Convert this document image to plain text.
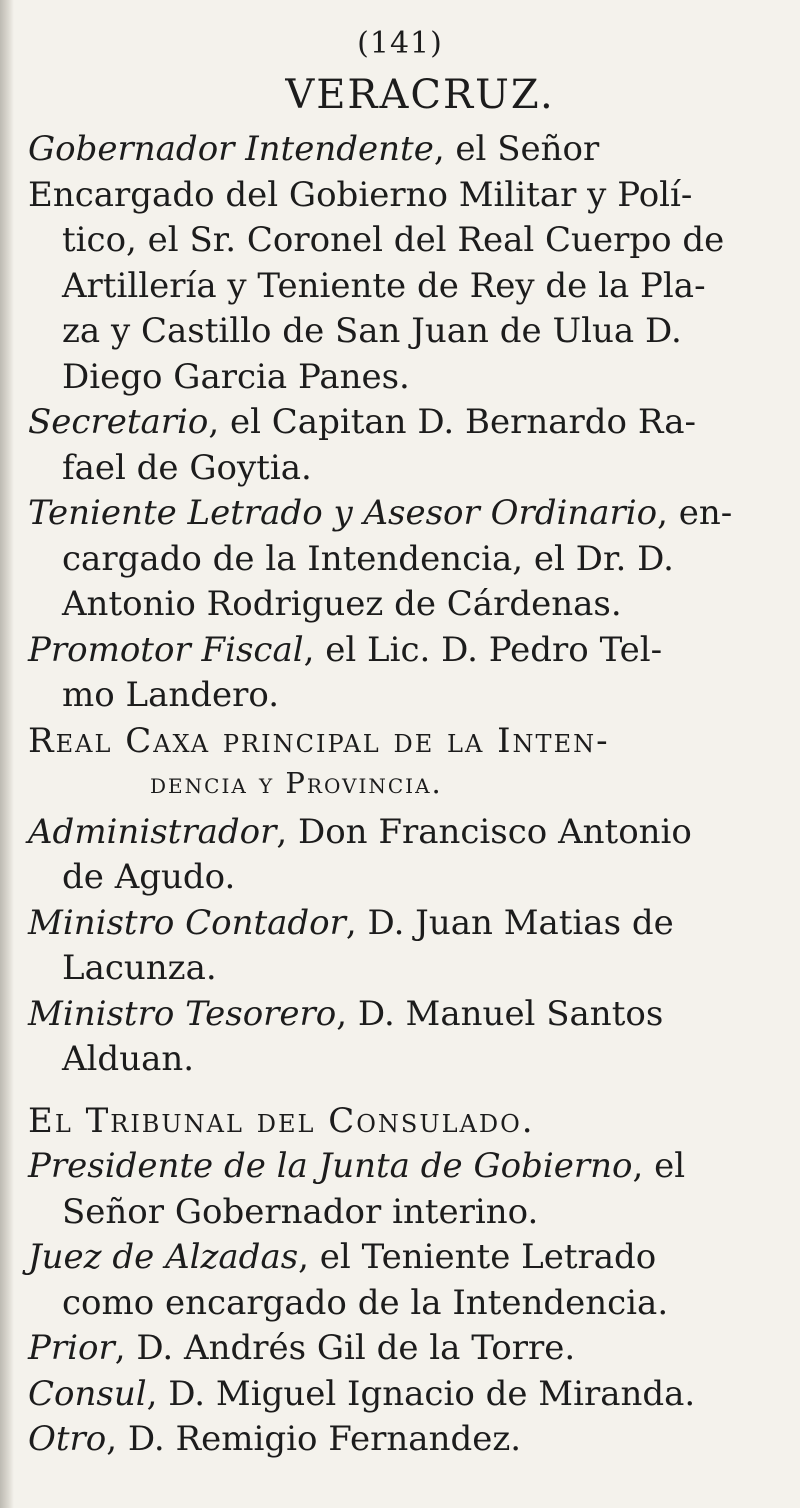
(141)
VERACRUZ.
Gobernador Intendente, el Señor
Encargado del Gobierno Militar y Polí-
tico, el Sr. Coronel del Real Cuerpo de
Artillería y Teniente de Rey de la Pla-
za y Castillo de San Juan de Ulua D.
Diego Garcia Panes.
Secretario, el Capitan D. Bernardo Ra-
fael de Goytia.
Teniente Letrado y Asesor Ordinario, en-
cargado de la Intendencia, el Dr. D.
Antonio Rodriguez de Cárdenas.
Promotor Fiscal, el Lic. D. Pedro Tel-
mo Landero.
Real Caxa principal de la Inten-
dencia y Provincia.
Administrador, Don Francisco Antonio
de Agudo.
Ministro Contador, D. Juan Matias de
Lacunza.
Ministro Tesorero, D. Manuel Santos
Alduan.
El Tribunal del Consulado.
Presidente de la Junta de Gobierno, el
Señor Gobernador interino.
Juez de Alzadas, el Teniente Letrado
como encargado de la Intendencia.
Prior, D. Andrés Gil de la Torre.
Consul, D. Miguel Ignacio de Miranda.
Otro, D. Remigio Fernandez.
